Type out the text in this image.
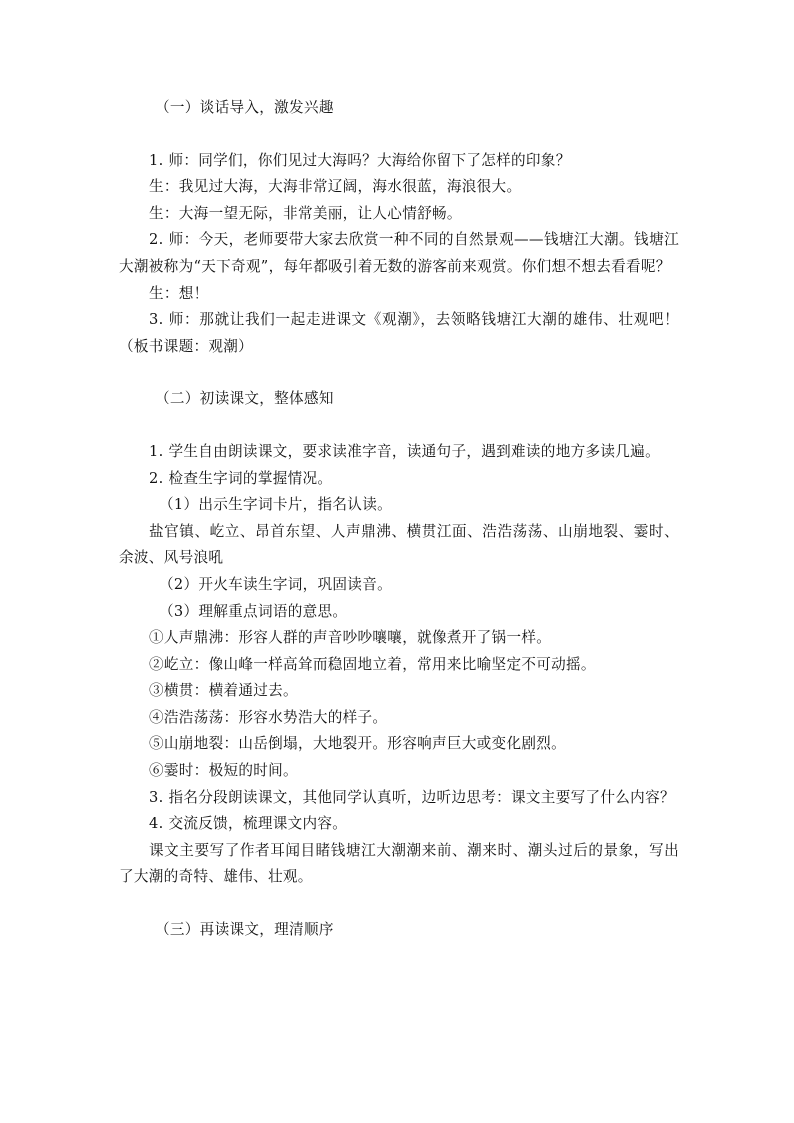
（一）谈话导入，激发兴趣

1. 师：同学们，你们见过大海吗？大海给你留下了怎样的印象？

生：我见过大海，大海非常辽阔，海水很蓝，海浪很大。

生：大海一望无际，非常美丽，让人心情舒畅。

2. 师：今天，老师要带大家去欣赏一种不同的自然景观——钱塘江大潮。钱塘江大潮被称为“天下奇观”，每年都吸引着无数的游客前来观赏。你们想不想去看看呢？

生：想！

3. 师：那就让我们一起走进课文《观潮》，去领略钱塘江大潮的雄伟、壮观吧！（板书课题：观潮）

（二）初读课文，整体感知

1. 学生自由朗读课文，要求读准字音，读通句子，遇到难读的地方多读几遍。

2. 检查生字词的掌握情况。

（1）出示生字词卡片，指名认读。

盐官镇、屹立、昂首东望、人声鼎沸、横贯江面、浩浩荡荡、山崩地裂、霎时、余波、风号浪吼

（2）开火车读生字词，巩固读音。

（3）理解重点词语的意思。

①人声鼎沸：形容人群的声音吵吵嚷嚷，就像煮开了锅一样。

②屹立：像山峰一样高耸而稳固地立着，常用来比喻坚定不可动摇。

③横贯：横着通过去。

④浩浩荡荡：形容水势浩大的样子。

⑤山崩地裂：山岳倒塌，大地裂开。形容响声巨大或变化剧烈。

⑥霎时：极短的时间。

3. 指名分段朗读课文，其他同学认真听，边听边思考：课文主要写了什么内容？

4. 交流反馈，梳理课文内容。

课文主要写了作者耳闻目睹钱塘江大潮潮来前、潮来时、潮头过后的景象，写出了大潮的奇特、雄伟、壮观。

（三）再读课文，理清顺序
